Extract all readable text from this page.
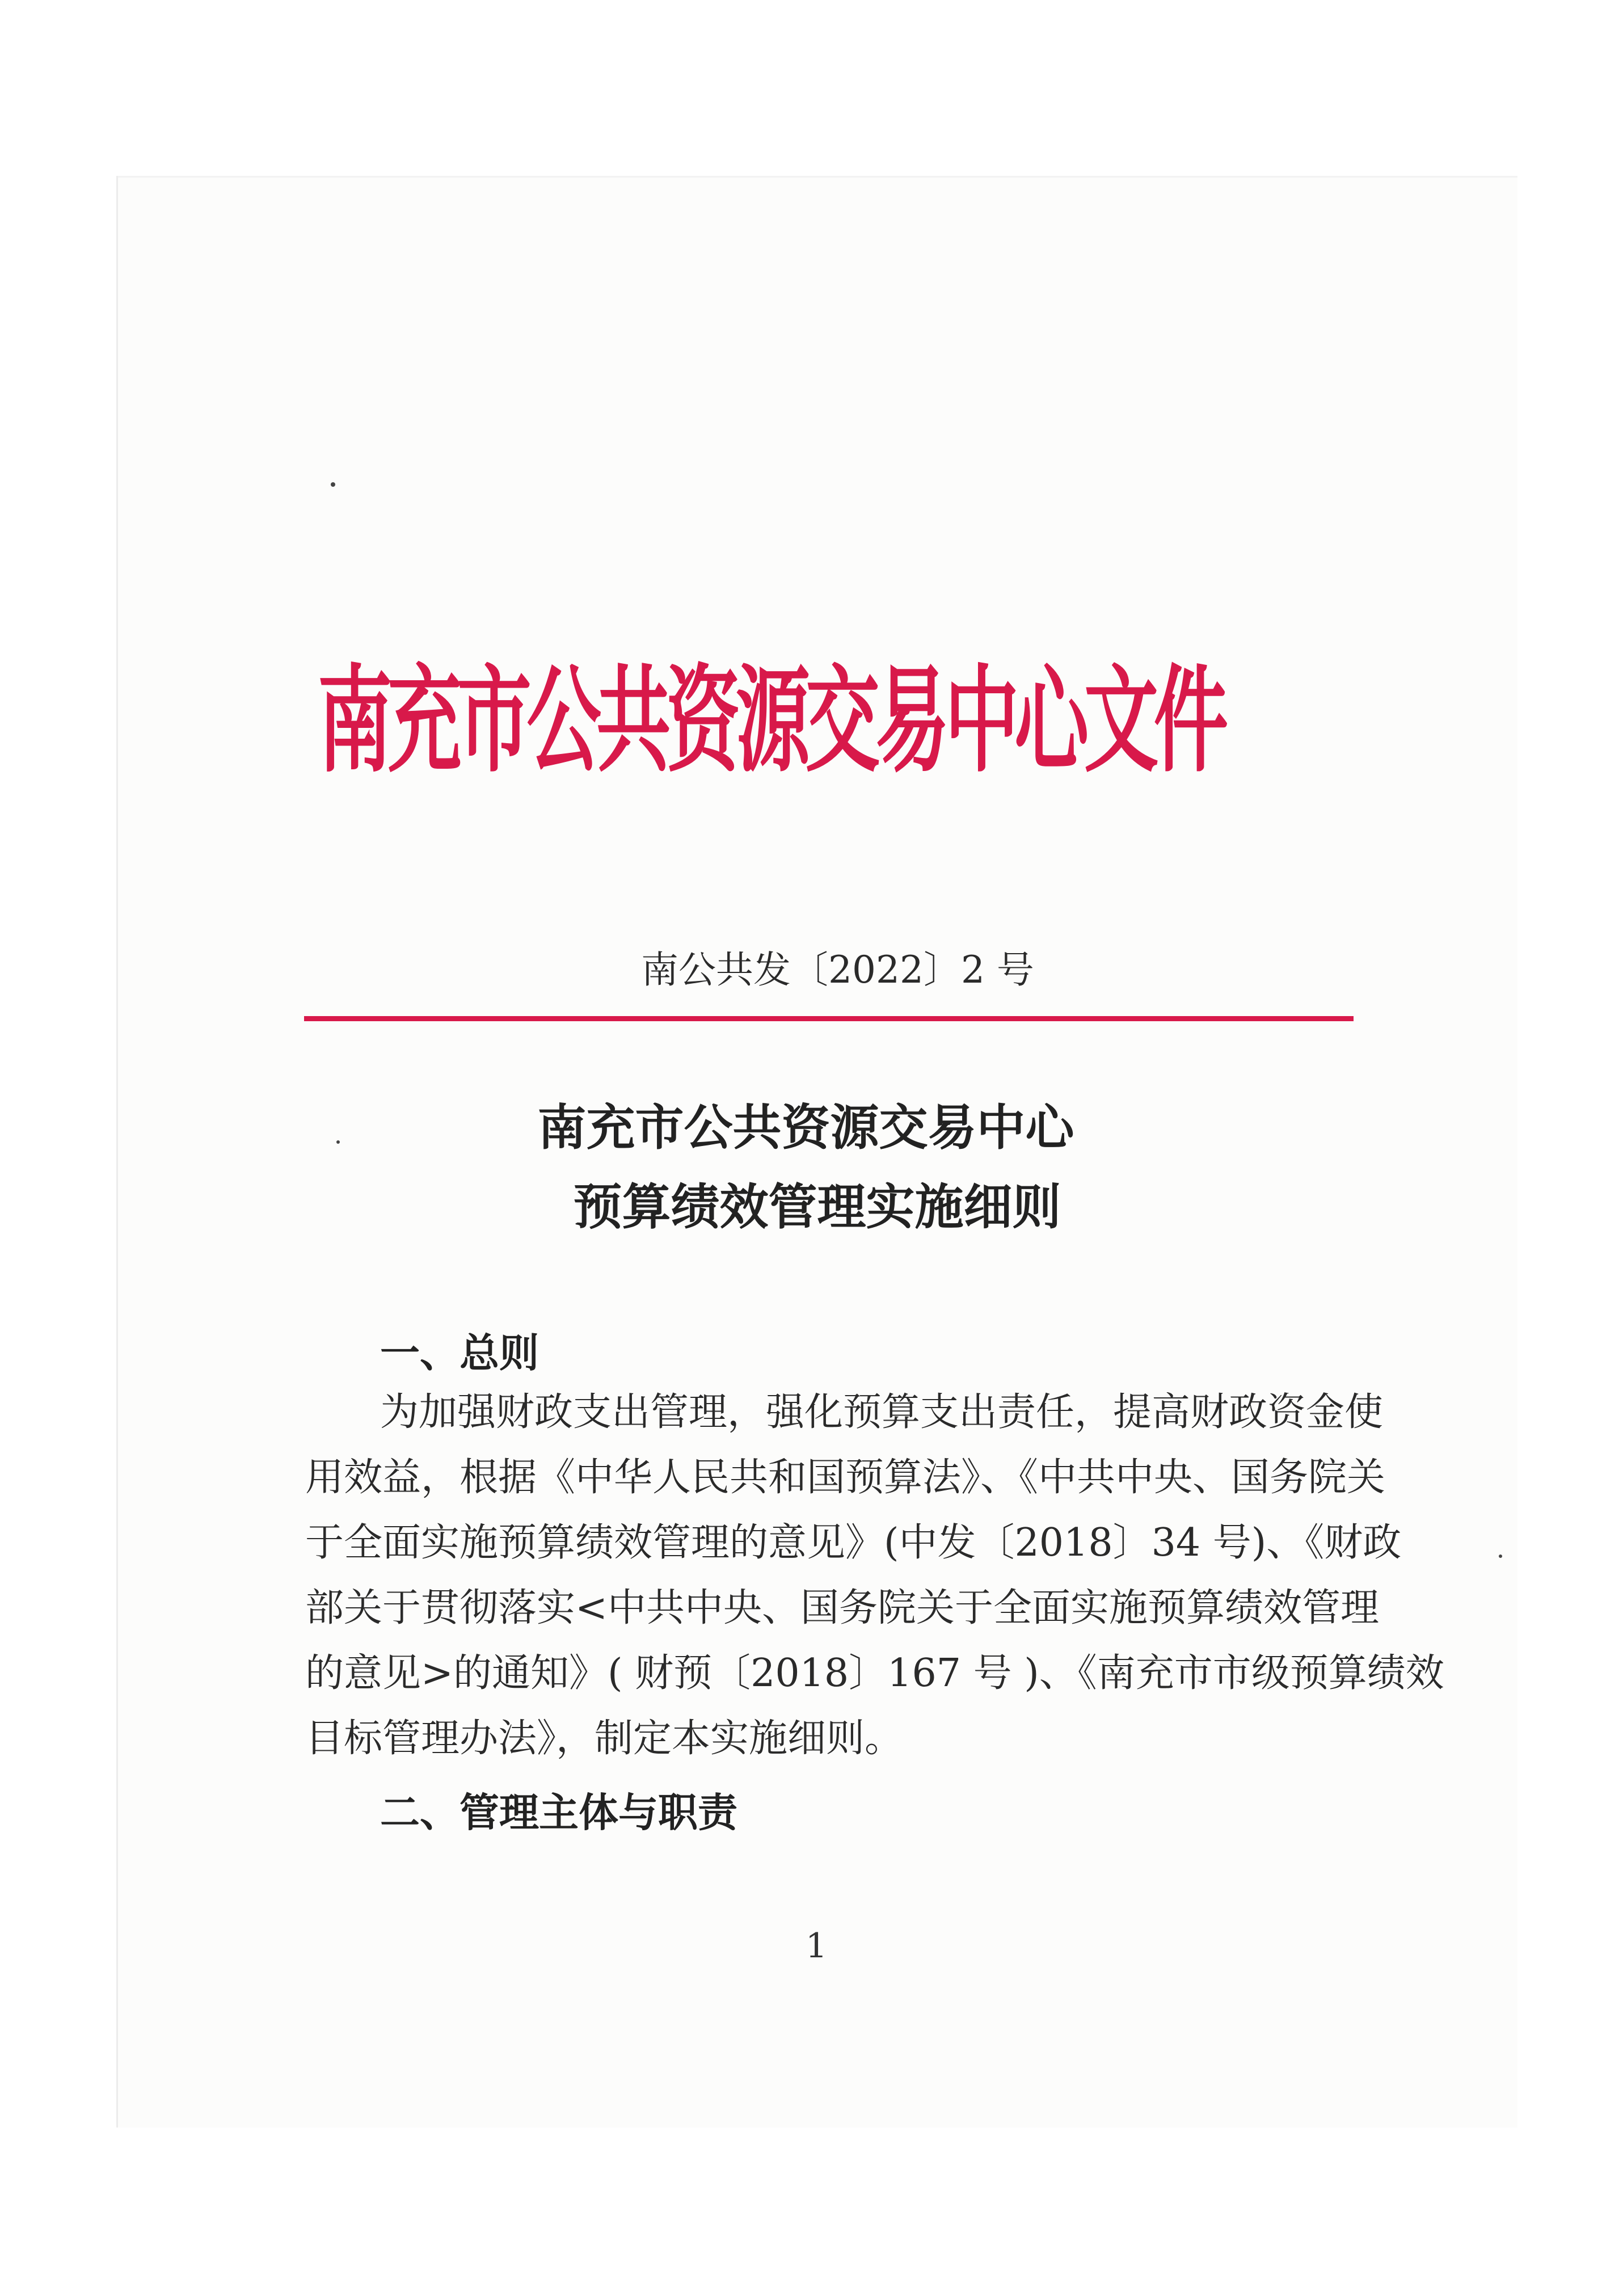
南充市公共资源交易中心文件
南公共发〔2022〕2 号
南充市公共资源交易中心
预算绩效管理实施细则
一、总则
为加强财政支出管理，强化预算支出责任，提高财政资金使
用效益，根据《中华人民共和国预算法》、《中共中央、国务院关
于全面实施预算绩效管理的意见》(中发〔2018〕34 号)、《财政
部关于贯彻落实<中共中央、国务院关于全面实施预算绩效管理
的意见>的通知》( 财预〔2018〕167 号 )、《南充市市级预算绩效
目标管理办法》，制定本实施细则。
二、管理主体与职责
1
